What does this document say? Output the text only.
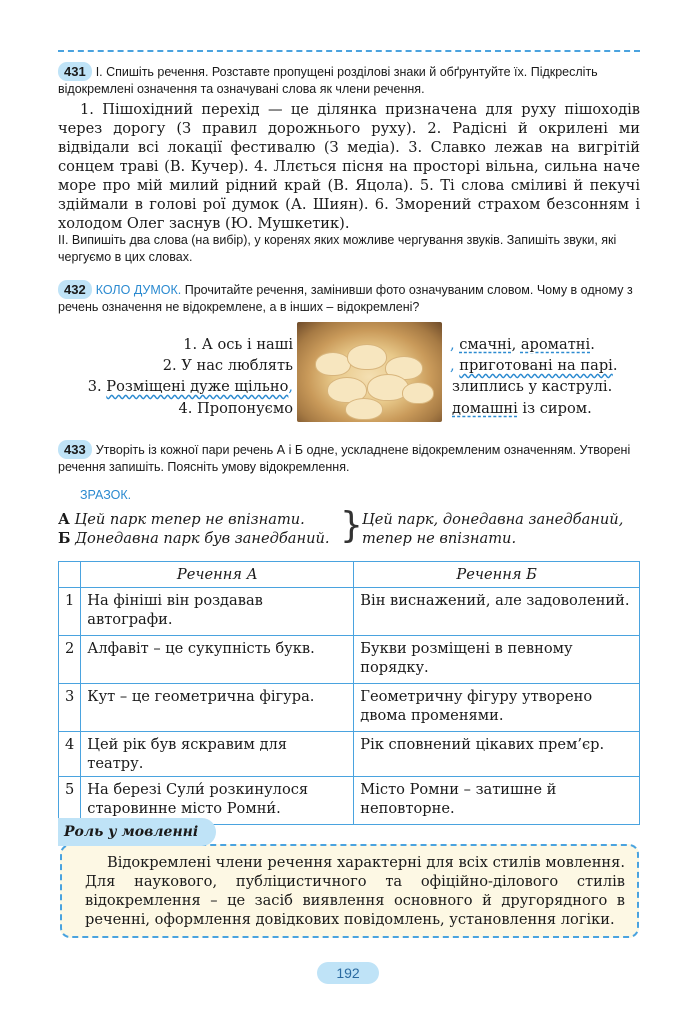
431 I. Спишіть речення. Розставте пропущені розділові знаки й обґрунтуйте їх. Підкресліть відокремлені означення та означувані слова як члени речення.

1. Пішохідний перехід — це ділянка призначена для руху пішоходів через дорогу (З правил дорожнього руху). 2. Радісні й окрилені ми відвідали всі локації фестивалю (З медіа). 3. Славко лежав на вигрітій сонцем траві (В. Кучер). 4. Ллється пісня на просторі вільна, сильна наче море про мій милий рідний край (В. Яцола). 5. Ті слова сміливі й пекучі здіймали в голові рої думок (А. Шиян). 6. Зморений страхом безсонням і холодом Олег заснув (Ю. Мушкетик).

II. Випишіть два слова (на вибір), у коренях яких можливе чергування звуків. Запишіть звуки, які чергуємо в цих словах.
432 КОЛО ДУМОК. Прочитайте речення, замінивши фото означуваним словом. Чому в одному з речень означення не відокремлене, а в інших – відокремлені?
1. А ось і наші
2. У нас люблять
3. Розміщені дуже щільно,
4. Пропонуємо
, смачні, ароматні.
, приготовані на парі.
злиплись у каструлі.
домашні із сиром.
433 Утворіть із кожної пари речень А і Б одне, ускладнене відокремленим означенням. Утворені речення запишіть. Поясніть умову відокремлення.
ЗРАЗОК.
А Цей парк тепер не впізнати.
Б Донедавна парк був занедбаний. } Цей парк, донедавна занедбаний,
тепер не впізнати.
	Речення А	Речення Б
1	На фініші він роздавав автографи.	Він виснажений, але задоволений.
2	Алфавіт – це сукупність букв.	Букви розміщені в певному порядку.
3	Кут – це геометрична фігура.	Геометричну фігуру утворено двома променями.
4	Цей рік був яскравим для театру.	Рік сповнений цікавих прем’єр.
5	На березі Сули́ розкинулося старовинне місто Ромни́.	Місто Ромни – затишне й неповторне.
Роль у мовленні
Відокремлені члени речення характерні для всіх стилів мовлення. Для наукового, публіцистичного та офіційно-ділового стилів відокремлення – це засіб виявлення основного й другорядного в реченні, оформлення довідкових повідомлень, установлення логіки.
192
